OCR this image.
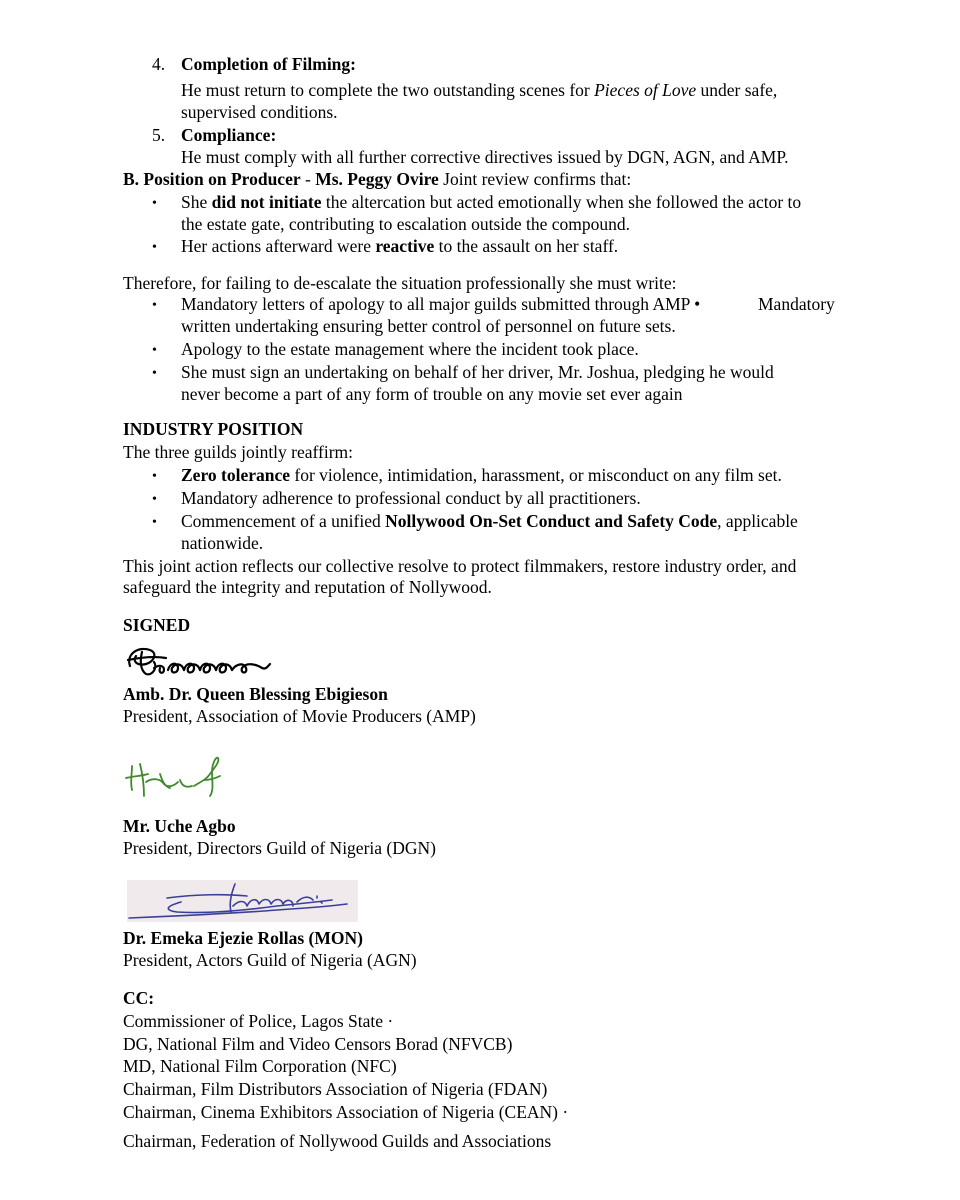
4. Completion of Filming:
He must return to complete the two outstanding scenes for Pieces of Love under safe,
supervised conditions.
5. Compliance:
He must comply with all further corrective directives issued by DGN, AGN, and AMP.
B. Position on Producer - Ms. Peggy Ovire Joint review confirms that:
• She did not initiate the altercation but acted emotionally when she followed the actor to
the estate gate, contributing to escalation outside the compound.
• Her actions afterward were reactive to the assault on her staff.
Therefore, for failing to de-escalate the situation professionally she must write:
• Mandatory letters of apology to all major guilds submitted through AMP •	Mandatory
written undertaking ensuring better control of personnel on future sets.
• Apology to the estate management where the incident took place.
• She must sign an undertaking on behalf of her driver, Mr. Joshua, pledging he would
never become a part of any form of trouble on any movie set ever again
INDUSTRY POSITION
The three guilds jointly reaffirm:
• Zero tolerance for violence, intimidation, harassment, or misconduct on any film set.
• Mandatory adherence to professional conduct by all practitioners.
• Commencement of a unified Nollywood On-Set Conduct and Safety Code, applicable
nationwide.
This joint action reflects our collective resolve to protect filmmakers, restore industry order, and
safeguard the integrity and reputation of Nollywood.
SIGNED
Amb. Dr. Queen Blessing Ebigieson
President, Association of Movie Producers (AMP)
Mr. Uche Agbo
President, Directors Guild of Nigeria (DGN)
Dr. Emeka Ejezie Rollas (MON)
President, Actors Guild of Nigeria (AGN)
CC:
Commissioner of Police, Lagos State ·
DG, National Film and Video Censors Borad (NFVCB)
MD, National Film Corporation (NFC)
Chairman, Film Distributors Association of Nigeria (FDAN)
Chairman, Cinema Exhibitors Association of Nigeria (CEAN) ·
Chairman, Federation of Nollywood Guilds and Associations
